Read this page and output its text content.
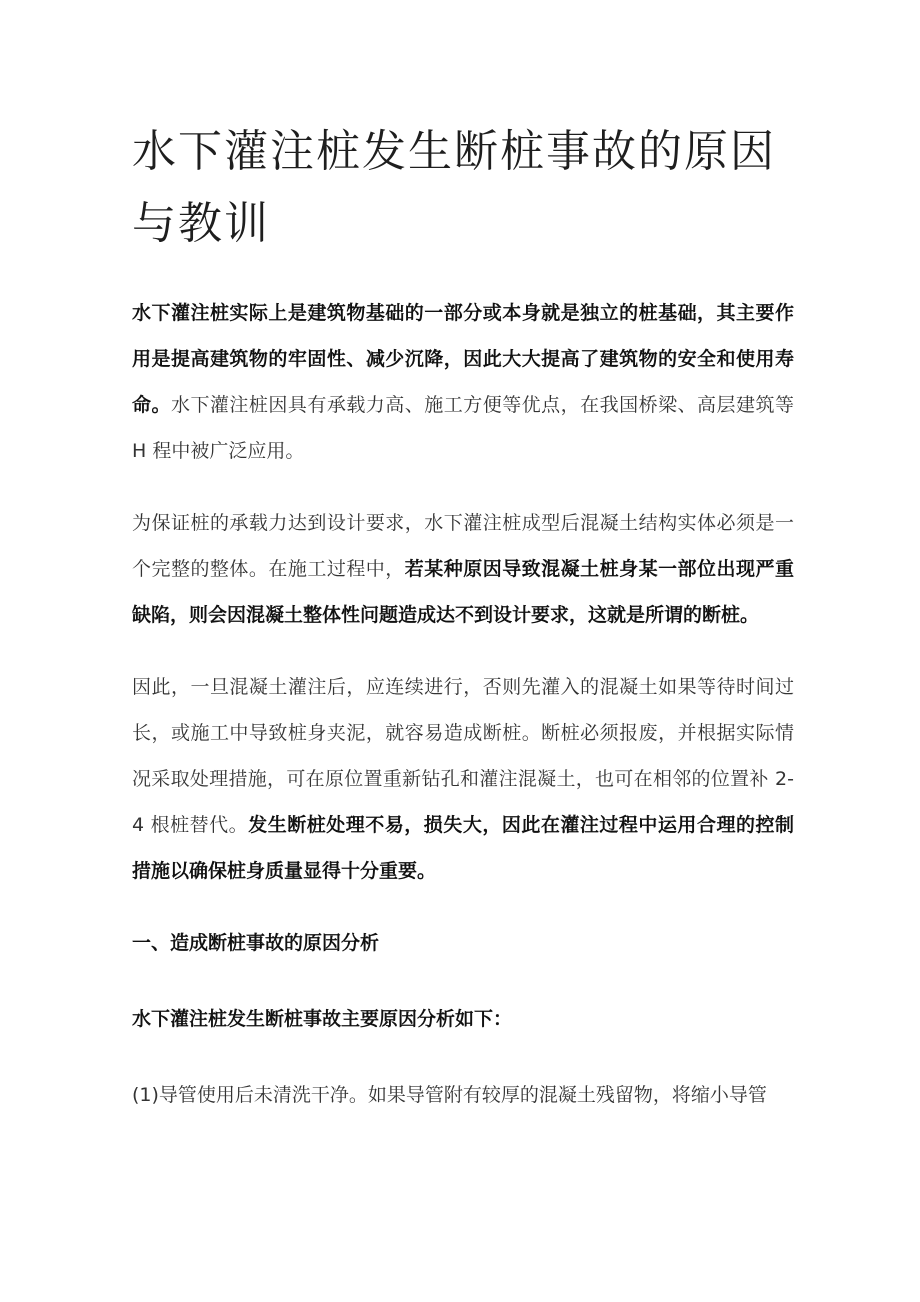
水下灌注桩发生断桩事故的原因与教训

水下灌注桩实际上是建筑物基础的一部分或本身就是独立的桩基础，其主要作用是提高建筑物的牢固性、减少沉降，因此大大提高了建筑物的安全和使用寿命。水下灌注桩因具有承载力高、施工方便等优点，在我国桥梁、高层建筑等 H 程中被广泛应用。

为保证桩的承载力达到设计要求，水下灌注桩成型后混凝土结构实体必须是一个完整的整体。在施工过程中，若某种原因导致混凝土桩身某一部位出现严重缺陷，则会因混凝土整体性问题造成达不到设计要求，这就是所谓的断桩。

因此，一旦混凝土灌注后，应连续进行，否则先灌入的混凝土如果等待时间过长，或施工中导致桩身夹泥，就容易造成断桩。断桩必须报废，并根据实际情况采取处理措施，可在原位置重新钻孔和灌注混凝土，也可在相邻的位置补 2-4 根桩替代。发生断桩处理不易，损失大，因此在灌注过程中运用合理的控制措施以确保桩身质量显得十分重要。

一、造成断桩事故的原因分析
水下灌注桩发生断桩事故主要原因分析如下：

(1)导管使用后未清洗干净。如果导管附有较厚的混凝土残留物，将缩小导管
